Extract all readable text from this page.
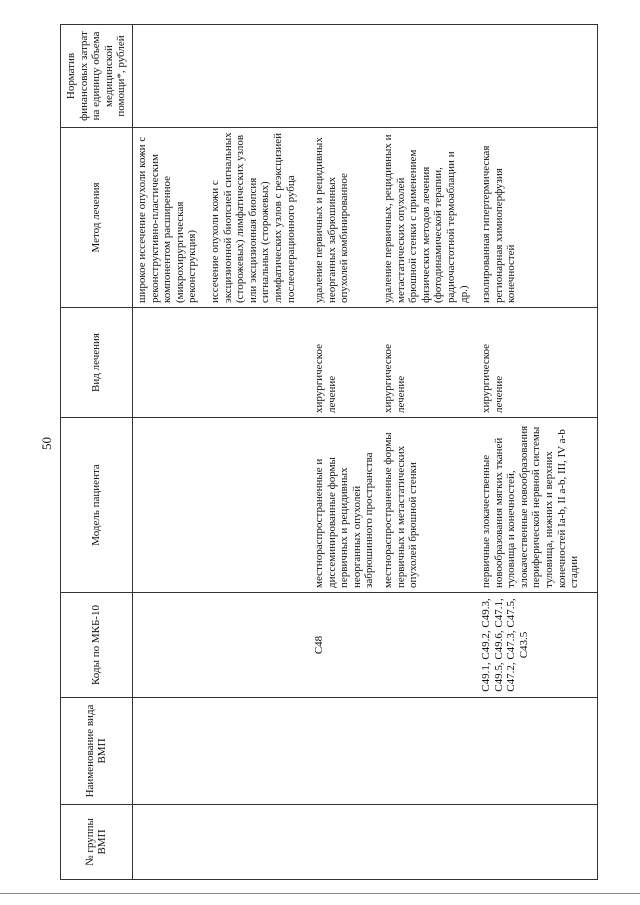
50
№ группы ВМП	Наименование вида ВМП	Коды по МКБ-10	Модель пациента	Вид лечения	Метод лечения	Норматив финансовых затрат на единицу объема медицинской помощи*, рублей

					широкое иссечение опухоли кожи с реконструктивно-пластическим компонентом расширенное (микрохирургическая реконструкция) иссечение опухоли кожи с эксцизионной биопсией сигнальных (сторожевых) лимфатических узлов или эксцизионная биопсия сигнальных (сторожевых) лимфатических узлов с реэксцизией послеоперационного рубца	

		C48	местнораспространенные и диссеминированные формы первичных и рецидивных неорганных опухолей забрюшинного пространства	хирургическое лечение	удаление первичных и рецидивных неорганных забрюшинных опухолей комбинированное	

			местнораспространенные формы первичных и метастатических опухолей брюшной стенки	хирургическое лечение	удаление первичных, рецидивных и метастатических опухолей брюшной стенки с применением физических методов лечения (фотодинамической терапии, радиочастотной термоаблации и др.)	

		C49.1, C49.2, C49.3, C49.5, C49.6, C47.1, C47.2, C47.3, C47.5, C43.5	первичные злокачественные новообразования мягких тканей туловища и конечностей, злокачественные новообразования периферической нервной системы туловища, нижних и верхних конечностей Ia-b, II a-b, III, IV a-b стадии	хирургическое лечение	изолированная гипертермическая регионарная химиоперфузия конечностей	
